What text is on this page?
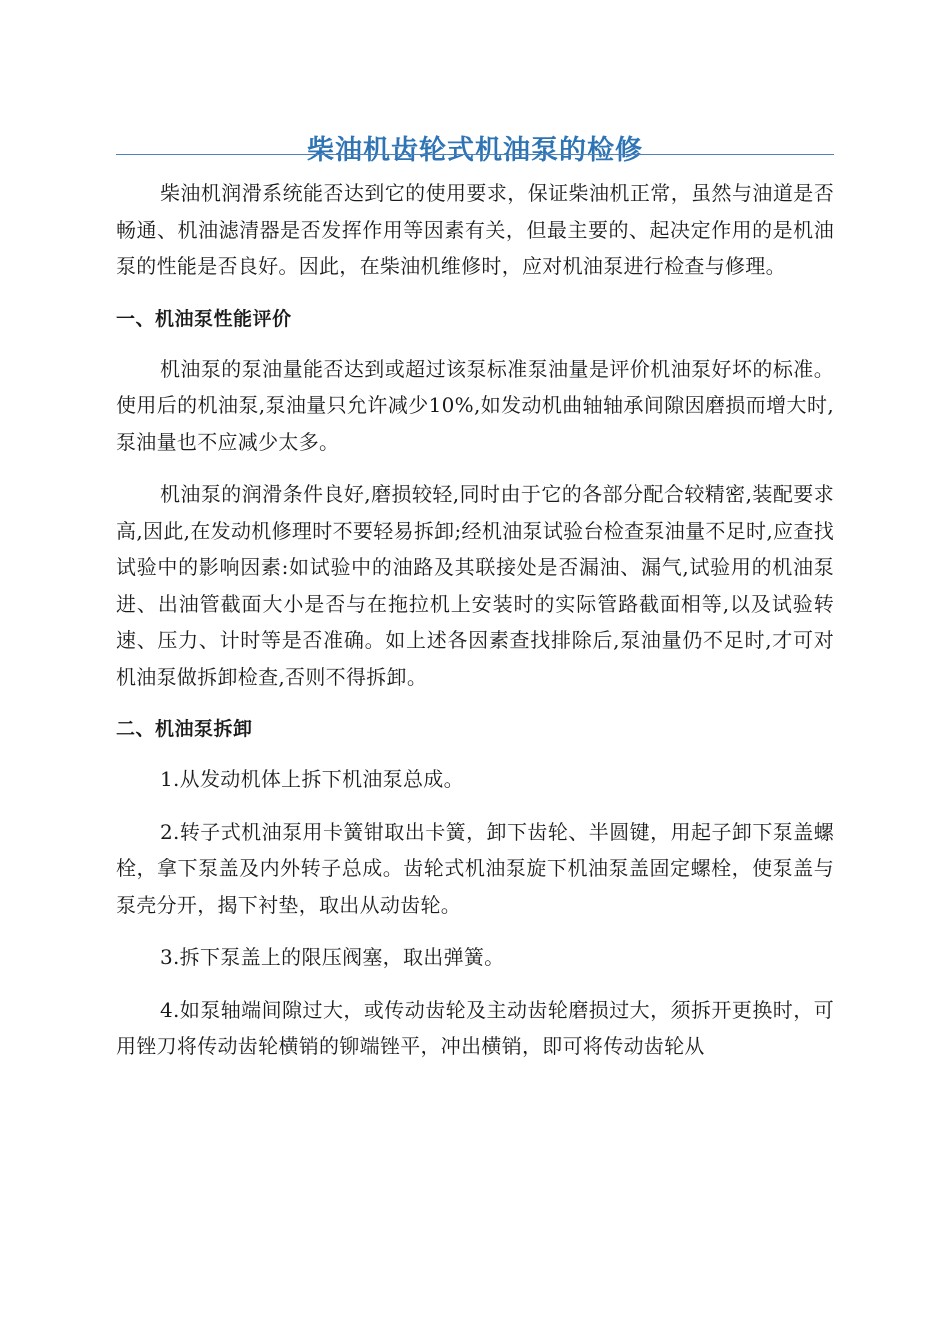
柴油机齿轮式机油泵的检修

柴油机润滑系统能否达到它的使用要求，保证柴油机正常，虽然与油道是否畅通、机油滤清器是否发挥作用等因素有关，但最主要的、起决定作用的是机油泵的性能是否良好。因此，在柴油机维修时，应对机油泵进行检查与修理。

一、机油泵性能评价

机油泵的泵油量能否达到或超过该泵标准泵油量是评价机油泵好坏的标准。使用后的机油泵,泵油量只允许减少10%,如发动机曲轴轴承间隙因磨损而增大时,泵油量也不应减少太多。

机油泵的润滑条件良好,磨损较轻,同时由于它的各部分配合较精密,装配要求高,因此,在发动机修理时不要轻易拆卸;经机油泵试验台检查泵油量不足时,应查找试验中的影响因素:如试验中的油路及其联接处是否漏油、漏气,试验用的机油泵进、出油管截面大小是否与在拖拉机上安装时的实际管路截面相等,以及试验转速、压力、计时等是否准确。如上述各因素查找排除后,泵油量仍不足时,才可对机油泵做拆卸检查,否则不得拆卸。

二、机油泵拆卸

1.从发动机体上拆下机油泵总成。

2.转子式机油泵用卡簧钳取出卡簧，卸下齿轮、半圆键，用起子卸下泵盖螺栓，拿下泵盖及内外转子总成。齿轮式机油泵旋下机油泵盖固定螺栓，使泵盖与泵壳分开，揭下衬垫，取出从动齿轮。

3.拆下泵盖上的限压阀塞，取出弹簧。

4.如泵轴端间隙过大，或传动齿轮及主动齿轮磨损过大，须拆开更换时，可用锉刀将传动齿轮横销的铆端锉平，冲出横销，即可将传动齿轮从
